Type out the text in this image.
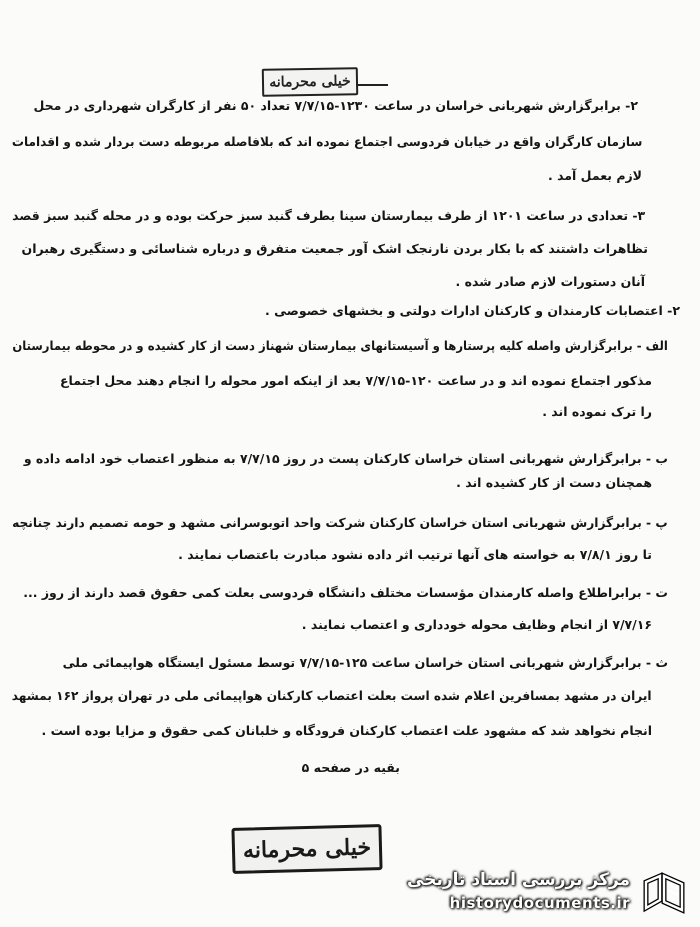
خیلی محرمانه
۲- برابرگزارش شهربانی خراسان در ساعت ۱۲۳۰-۷/۷/۱۵ تعداد ۵۰ نفر از کارگران شهرداری در محل
سازمان کارگران واقع در خیابان فردوسی اجتماع نموده اند که بلافاصله مربوطه دست بردار شده و اقدامات
لازم بعمل آمد .
۳- تعدادی در ساعت ۱۲۰۱ از طرف بیمارستان سینا بطرف گنبد سبز حرکت بوده و در محله گنبد سبز قصد
تظاهرات داشتند که با بکار بردن نارنجک اشک آور جمعیت متفرق و درباره شناسائی و دستگیری رهبران
آنان دستورات لازم صادر شده .
۲- اعتصابات کارمندان و کارکنان ادارات دولتی و بخشهای خصوصی .
الف - برابرگزارش واصله کلیه پرستارها و آسیستانهای بیمارستان شهناز دست از کار کشیده و در محوطه بیمارستان
مذکور اجتماع نموده اند و در ساعت ۱۲۰-۷/۷/۱۵ بعد از اینکه امور محوله را انجام دهند محل اجتماع
را ترک نموده اند .
ب - برابرگزارش شهربانی استان خراسان کارکنان پست در روز ۷/۷/۱۵ به منظور اعتصاب خود ادامه داده و
همچنان دست از کار کشیده اند .
پ - برابرگزارش شهربانی استان خراسان کارکنان شرکت واحد اتوبوسرانی مشهد و حومه تصمیم دارند چنانچه
تا روز ۷/۸/۱ به خواسته های آنها ترتیب اثر داده نشود مبادرت باعتصاب نمایند .
ت - برابراطلاع واصله کارمندان مؤسسات مختلف دانشگاه فردوسی بعلت کمی حقوق قصد دارند از روز ...
۷/۷/۱۶ از انجام وظایف محوله خودداری و اعتصاب نمایند .
ث - برابرگزارش شهربانی استان خراسان ساعت ۱۲۵-۷/۷/۱۵ توسط مسئول ایستگاه هواپیمائی ملی
ایران در مشهد بمسافرین اعلام شده است بعلت اعتصاب کارکنان هواپیمائی ملی در تهران پرواز ۱۶۲ بمشهد
انجام نخواهد شد که مشهود علت اعتصاب کارکنان فرودگاه و خلبانان کمی حقوق و مزایا بوده است .
بقیه در صفحه ۵
خیلی محرمانه
مرکز بررسی اسناد تاریخی
historydocuments.ir
